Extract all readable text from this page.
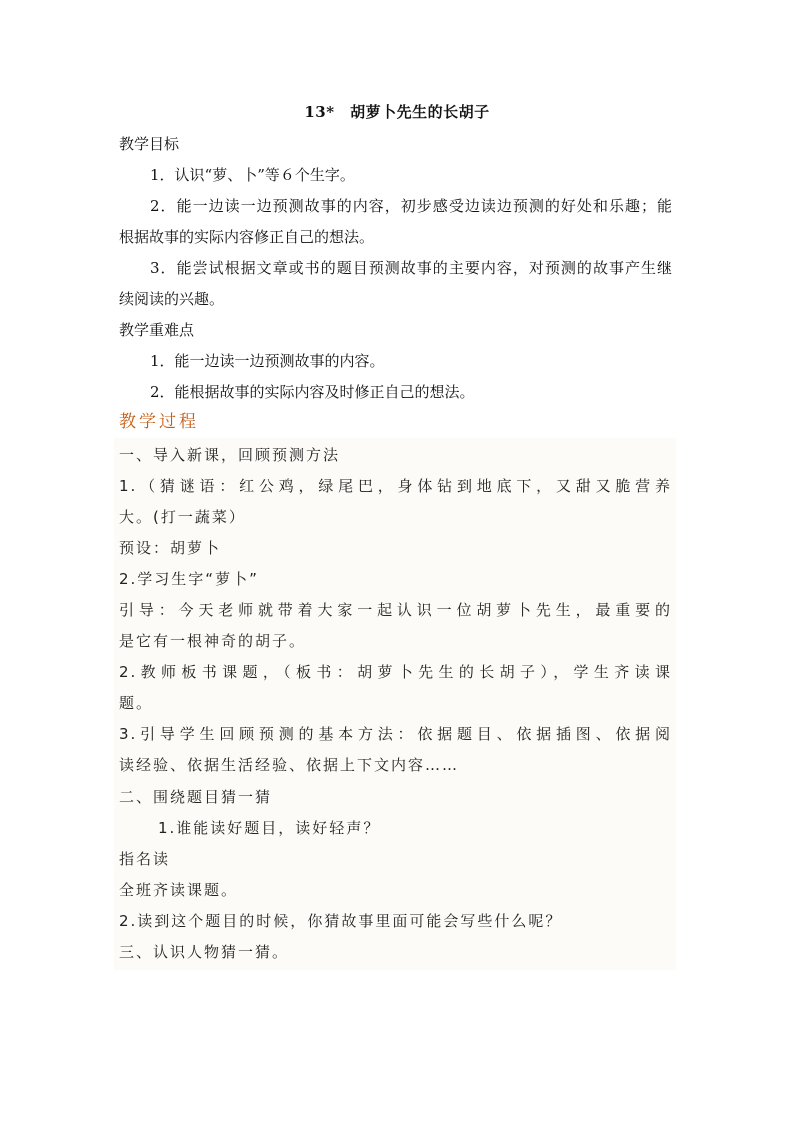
13*　胡萝卜先生的长胡子
教学目标
1．认识“萝、卜”等６个生字。
2．能一边读一边预测故事的内容，初步感受边读边预测的好处和乐趣；能
根据故事的实际内容修正自己的想法。
3．能尝试根据文章或书的题目预测故事的主要内容，对预测的故事产生继
续阅读的兴趣。
教学重难点
1．能一边读一边预测故事的内容。
2．能根据故事的实际内容及时修正自己的想法。
教学过程
一、导入新课，回顾预测方法
1.（猜谜语：红公鸡，绿尾巴，身体钻到地底下，又甜又脆营养
大。(打一蔬菜）
预设：胡萝卜
2.学习生字“萝卜”
引导：今天老师就带着大家一起认识一位胡萝卜先生，最重要的
是它有一根神奇的胡子。
2.教师板书课题，（板书：胡萝卜先生的长胡子），学生齐读课
题。
3.引导学生回顾预测的基本方法：依据题目、依据插图、依据阅
读经验、依据生活经验、依据上下文内容……
二、围绕题目猜一猜
1.谁能读好题目，读好轻声？
指名读
全班齐读课题。
2.读到这个题目的时候，你猜故事里面可能会写些什么呢？
三、认识人物猜一猜。
